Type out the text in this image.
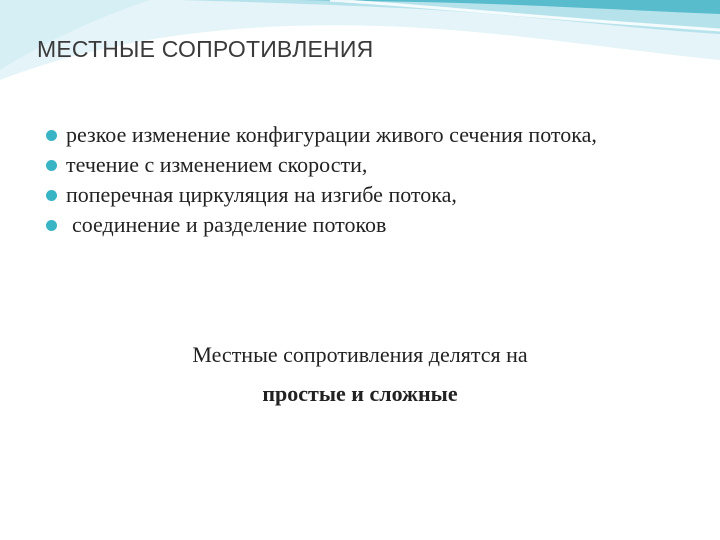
МЕСТНЫЕ СОПРОТИВЛЕНИЯ
резкое изменение конфигурации живого сечения потока,
течение с изменением скорости,
поперечная циркуляция на изгибе потока,
соединение и разделение потоков
Местные сопротивления делятся на
простые и сложные
